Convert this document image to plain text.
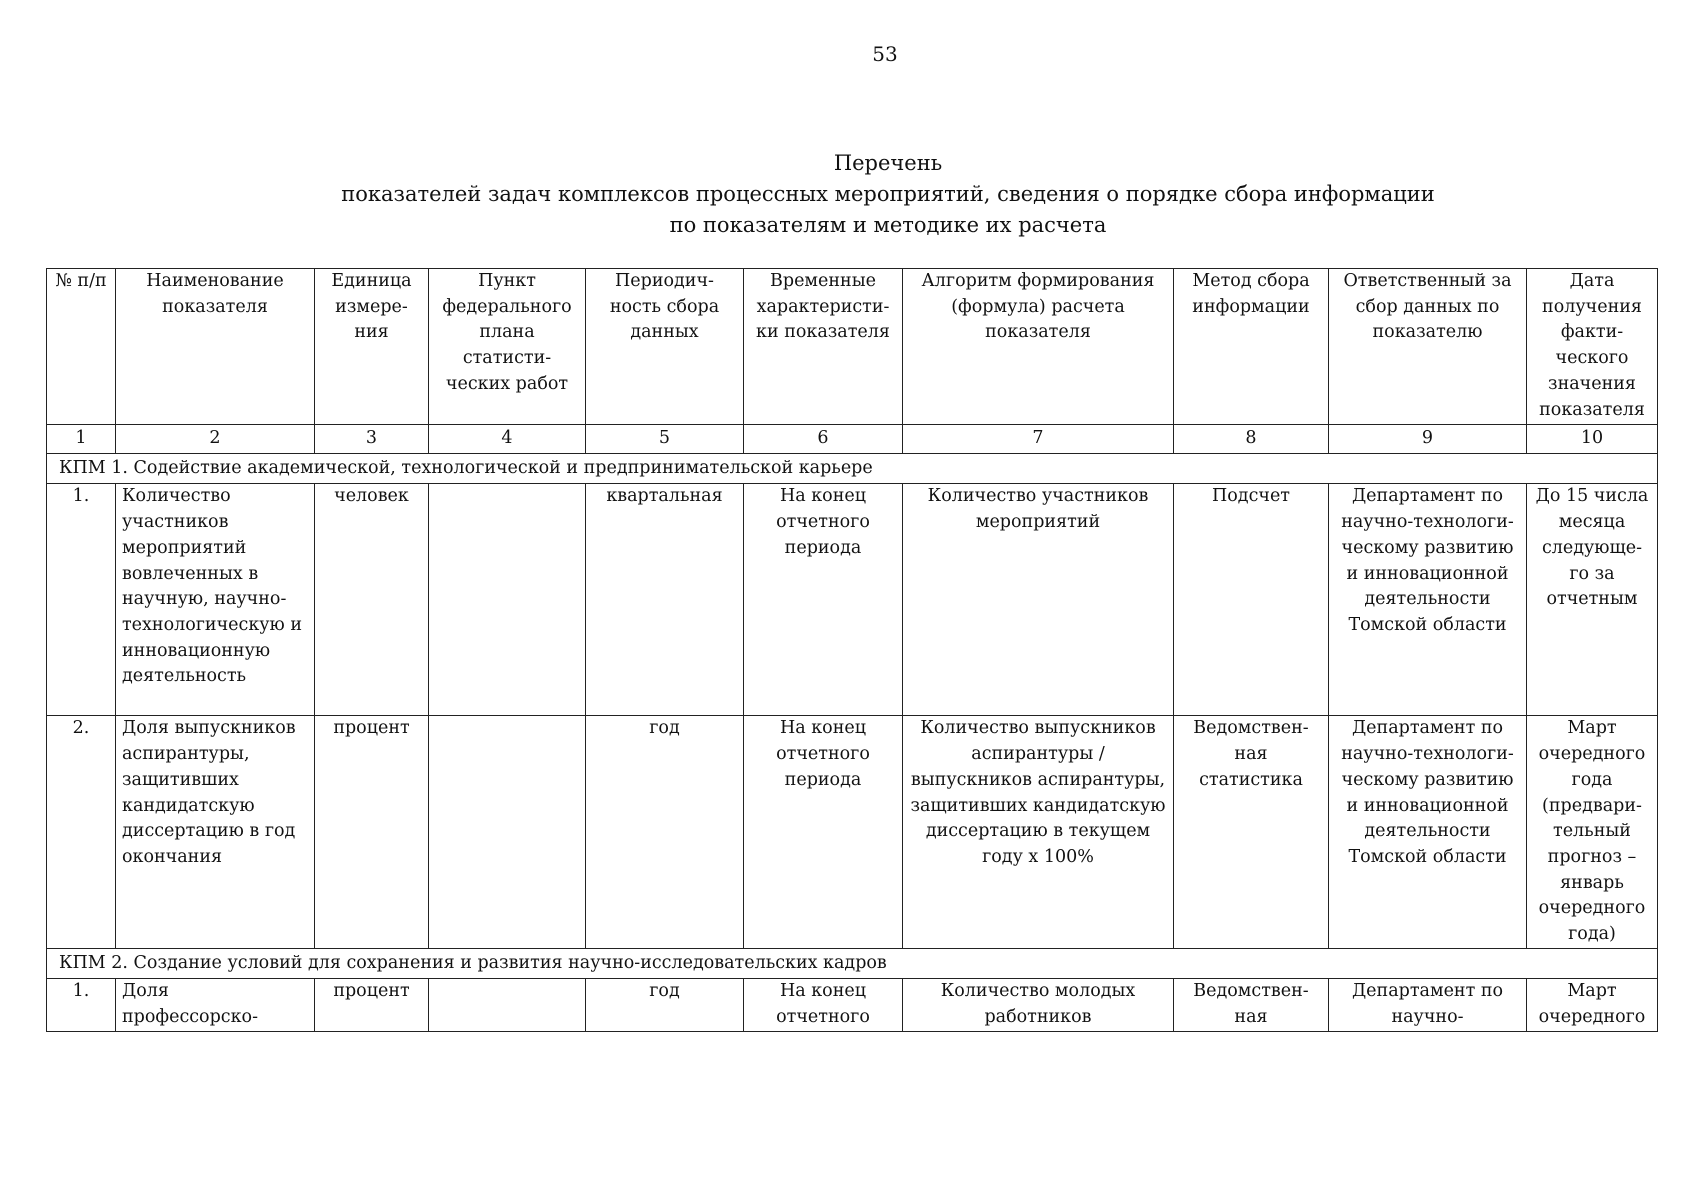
53
Перечень
показателей задач комплексов процессных мероприятий, сведения о порядке сбора информации
по показателям и методике их расчета
№ п/п	Наименование показателя	Единица измере-ния	Пункт федерального плана статисти-ческих работ	Периодич-ность сбора данных	Временные характеристи-ки показателя	Алгоритм формирования (формула) расчета показателя	Метод сбора информации	Ответственный за сбор данных по показателю	Дата получения факти-ческого значения показателя
1	2	3	4	5	6	7	8	9	10
КПМ 1. Содействие академической, технологической и предпринимательской карьере									
1.	Количество участников мероприятий вовлеченных в научную, научно-технологическую и инновационную деятельность	человек		квартальная	На конец отчетного периода	Количество участников мероприятий	Подсчет	Департамент по научно-технологи-ческому развитию и инновационной деятельности Томской области	До 15 числа месяца следующе-го за отчетным
2.	Доля выпускников аспирантуры, защитивших кандидатскую диссертацию в год окончания	процент		год	На конец отчетного периода	Количество выпускников аспирантуры / выпускников аспирантуры, защитивших кандидатскую диссертацию в текущем году х 100%	Ведомствен-ная статистика	Департамент по научно-технологи-ческому развитию и инновационной деятельности Томской области	Март очередного года (предвари-тельный прогноз – январь очередного года)
КПМ 2. Создание условий для сохранения и развития научно-исследовательских кадров									
1.	Доля профессорско-	процент		год	На конец отчетного	Количество молодых работников	Ведомствен-ная	Департамент по научно-	Март очередного
